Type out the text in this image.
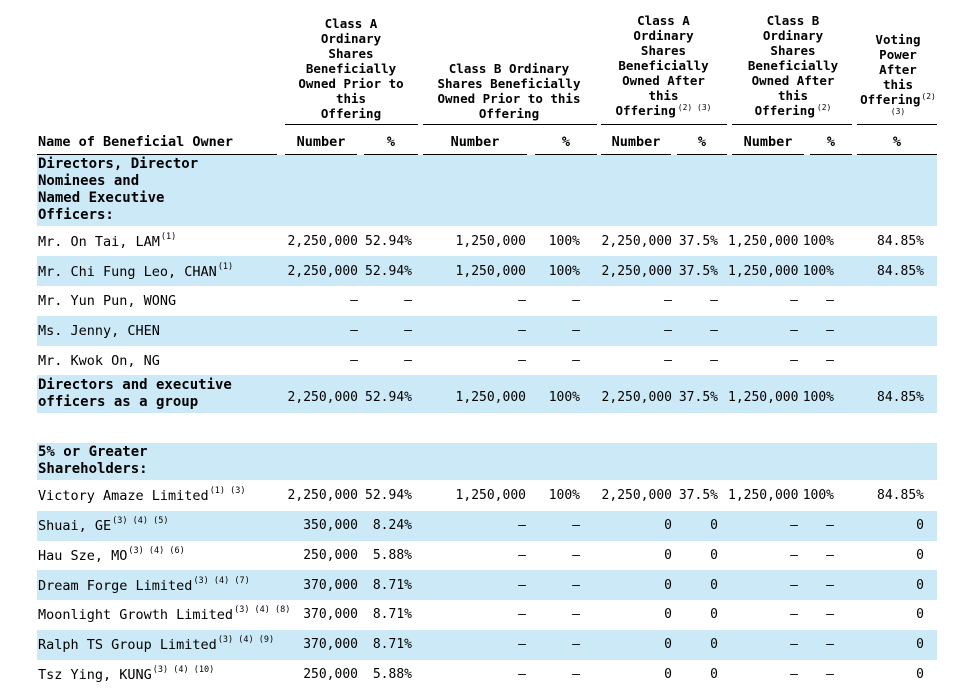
Class A
Ordinary
Shares
Beneficially
Owned Prior to
this
Offering
Class B Ordinary
Shares Beneficially
Owned Prior to this
Offering
Class A
Ordinary
Shares
Beneficially
Owned After
this
Offering $^{(2) (3)}$
Class B
Ordinary
Shares
Beneficially
Owned After
this
Offering $^{(2)}$
Voting
Power
After
this
Offering$^{(2) (3)}$
Name of Beneficial Owner	Number	%	Number	%	Number	%	Number	%	%
Directors, Director
Nominees and
Named Executive
Officers:
5% or Greater
Shareholders:
Mr. On Tai, LAM$^{(1)}$	2,250,000 52.94%	1,250,000	100% 2,250,000 37.5% 1,250,000 100%	84.85%
Mr. Chi Fung Leo, CHAN$^{(1)}$	2,250,000 52.94%	1,250,000	100% 2,250,000 37.5% 1,250,000 100%	84.85%
Mr. Yun Pun, WONG	—	—	—	—	—	—	—	—
Ms. Jenny, CHEN	—	—	—	—	—	—	—	—
Mr. Kwok On, NG	—	—	—	—	—	—	—	—
Directors and executive
officers as a group	2,250,000 52.94%	1,250,000	100% 2,250,000 37.5% 1,250,000 100%	84.85%
Victory Amaze Limited$^{(1) (3)}$	2,250,000 52.94%	1,250,000	100% 2,250,000 37.5% 1,250,000 100%	84.85%
Shuai, $GE^{(3) (4) (5)}$	350,000	8.24%	—	—	0	0	—	—	0
Hau Sze, $MO^{(3) (4) (6)}$	250,000	5.88%	—	—	0	0	—	—	0
Dream Forge Limited$^{(3) (4) (7)}$	370,000	8.71%	—	—	0	0	—	—	0
Moonlight Growth Limited$^{(3) (4) (8)}$ 370,000	8.71%	—	—	0	0	—	—	0
Ralph TS Group Limited$^{(3) (4) (9)}$	370,000	8.71%	—	—	0	0	—	—	0
Tsz Ying, $KUNG^{(3) (4) (10)}$	250,000	5.88%	—	—	0	0	—	—	0
